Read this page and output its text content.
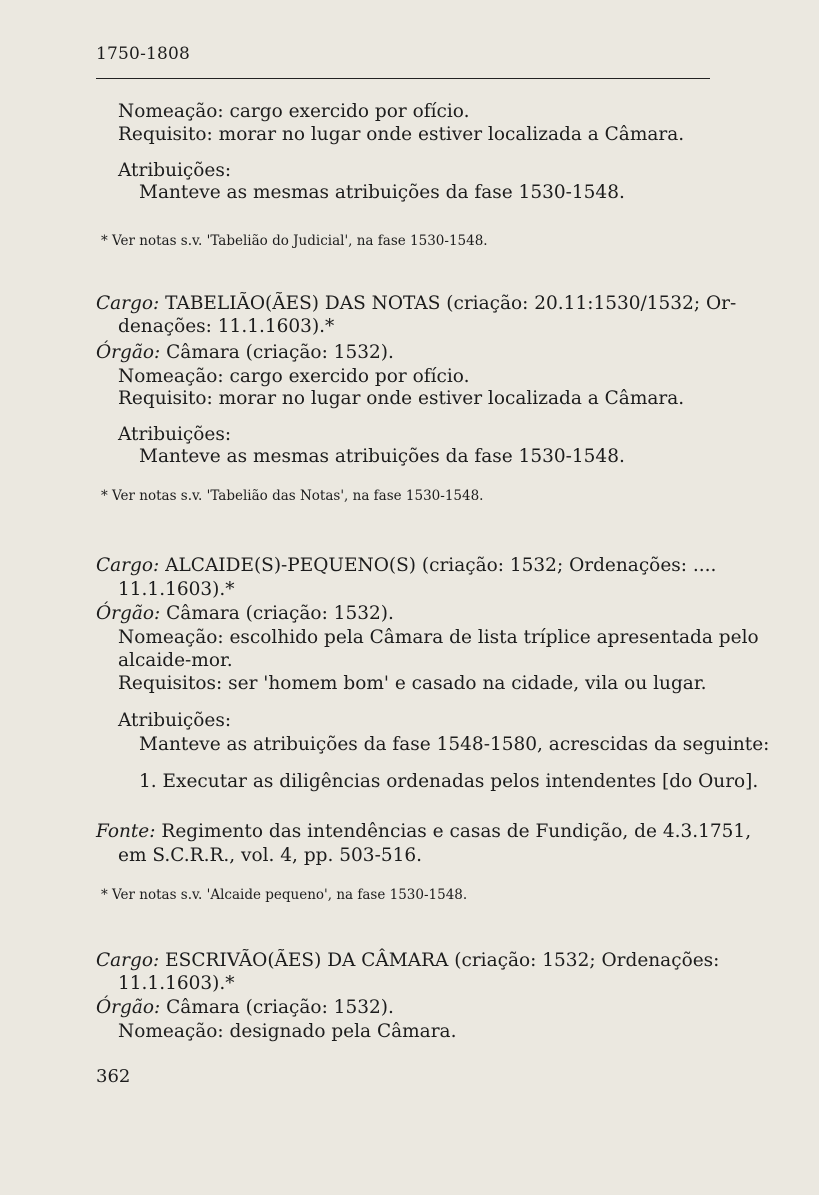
1750-1808
Nomeação: cargo exercido por ofício.
Requisito: morar no lugar onde estiver localizada a Câmara.
Atribuições:
Manteve as mesmas atribuições da fase 1530-1548.
* Ver notas s.v. 'Tabelião do Judicial', na fase 1530-1548.
Cargo: TABELIÃO(ÃES) DAS NOTAS (criação: 20.11:1530/1532; Or-
denações: 11.1.1603).*
Órgão: Câmara (criação: 1532).
Nomeação: cargo exercido por ofício.
Requisito: morar no lugar onde estiver localizada a Câmara.
Atribuições:
Manteve as mesmas atribuições da fase 1530-1548.
* Ver notas s.v. 'Tabelião das Notas', na fase 1530-1548.
Cargo: ALCAIDE(S)-PEQUENO(S) (criação: 1532; Ordenações: ....
11.1.1603).*
Órgão: Câmara (criação: 1532).
Nomeação: escolhido pela Câmara de lista tríplice apresentada pelo
alcaide-mor.
Requisitos: ser 'homem bom' e casado na cidade, vila ou lugar.
Atribuições:
Manteve as atribuições da fase 1548-1580, acrescidas da seguinte:
1. Executar as diligências ordenadas pelos intendentes [do Ouro].
Fonte: Regimento das intendências e casas de Fundição, de 4.3.1751,
em S.C.R.R., vol. 4, pp. 503-516.
* Ver notas s.v. 'Alcaide pequeno', na fase 1530-1548.
Cargo: ESCRIVÃO(ÃES) DA CÂMARA (criação: 1532; Ordenações:
11.1.1603).*
Órgão: Câmara (criação: 1532).
Nomeação: designado pela Câmara.
362
